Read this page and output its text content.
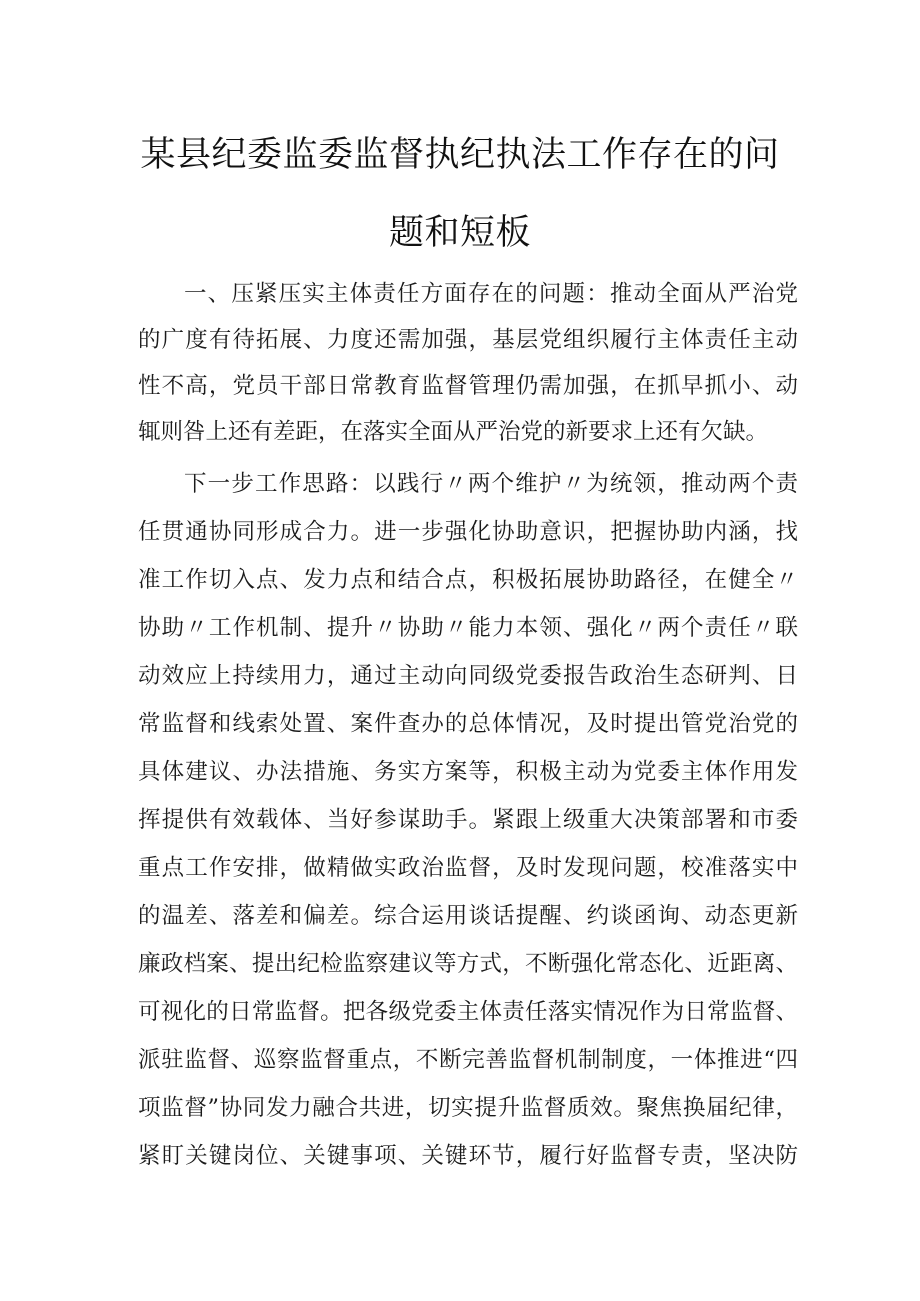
某县纪委监委监督执纪执法工作存在的问
题和短板
一、压紧压实主体责任方面存在的问题：推动全面从严治党
的广度有待拓展、力度还需加强，基层党组织履行主体责任主动
性不高，党员干部日常教育监督管理仍需加强，在抓早抓小、动
辄则咎上还有差距，在落实全面从严治党的新要求上还有欠缺。
下一步工作思路：以践行〃两个维护〃为统领，推动两个责
任贯通协同形成合力。进一步强化协助意识，把握协助内涵，找
准工作切入点、发力点和结合点，积极拓展协助路径，在健全〃
协助〃工作机制、提升〃协助〃能力本领、强化〃两个责任〃联
动效应上持续用力，通过主动向同级党委报告政治生态研判、日
常监督和线索处置、案件查办的总体情况，及时提出管党治党的
具体建议、办法措施、务实方案等，积极主动为党委主体作用发
挥提供有效载体、当好参谋助手。紧跟上级重大决策部署和市委
重点工作安排，做精做实政治监督，及时发现问题，校准落实中
的温差、落差和偏差。综合运用谈话提醒、约谈函询、动态更新
廉政档案、提出纪检监察建议等方式，不断强化常态化、近距离、
可视化的日常监督。把各级党委主体责任落实情况作为日常监督、
派驻监督、巡察监督重点，不断完善监督机制制度，一体推进“四
项监督”协同发力融合共进，切实提升监督质效。聚焦换届纪律，
紧盯关键岗位、关键事项、关键环节，履行好监督专责，坚决防
